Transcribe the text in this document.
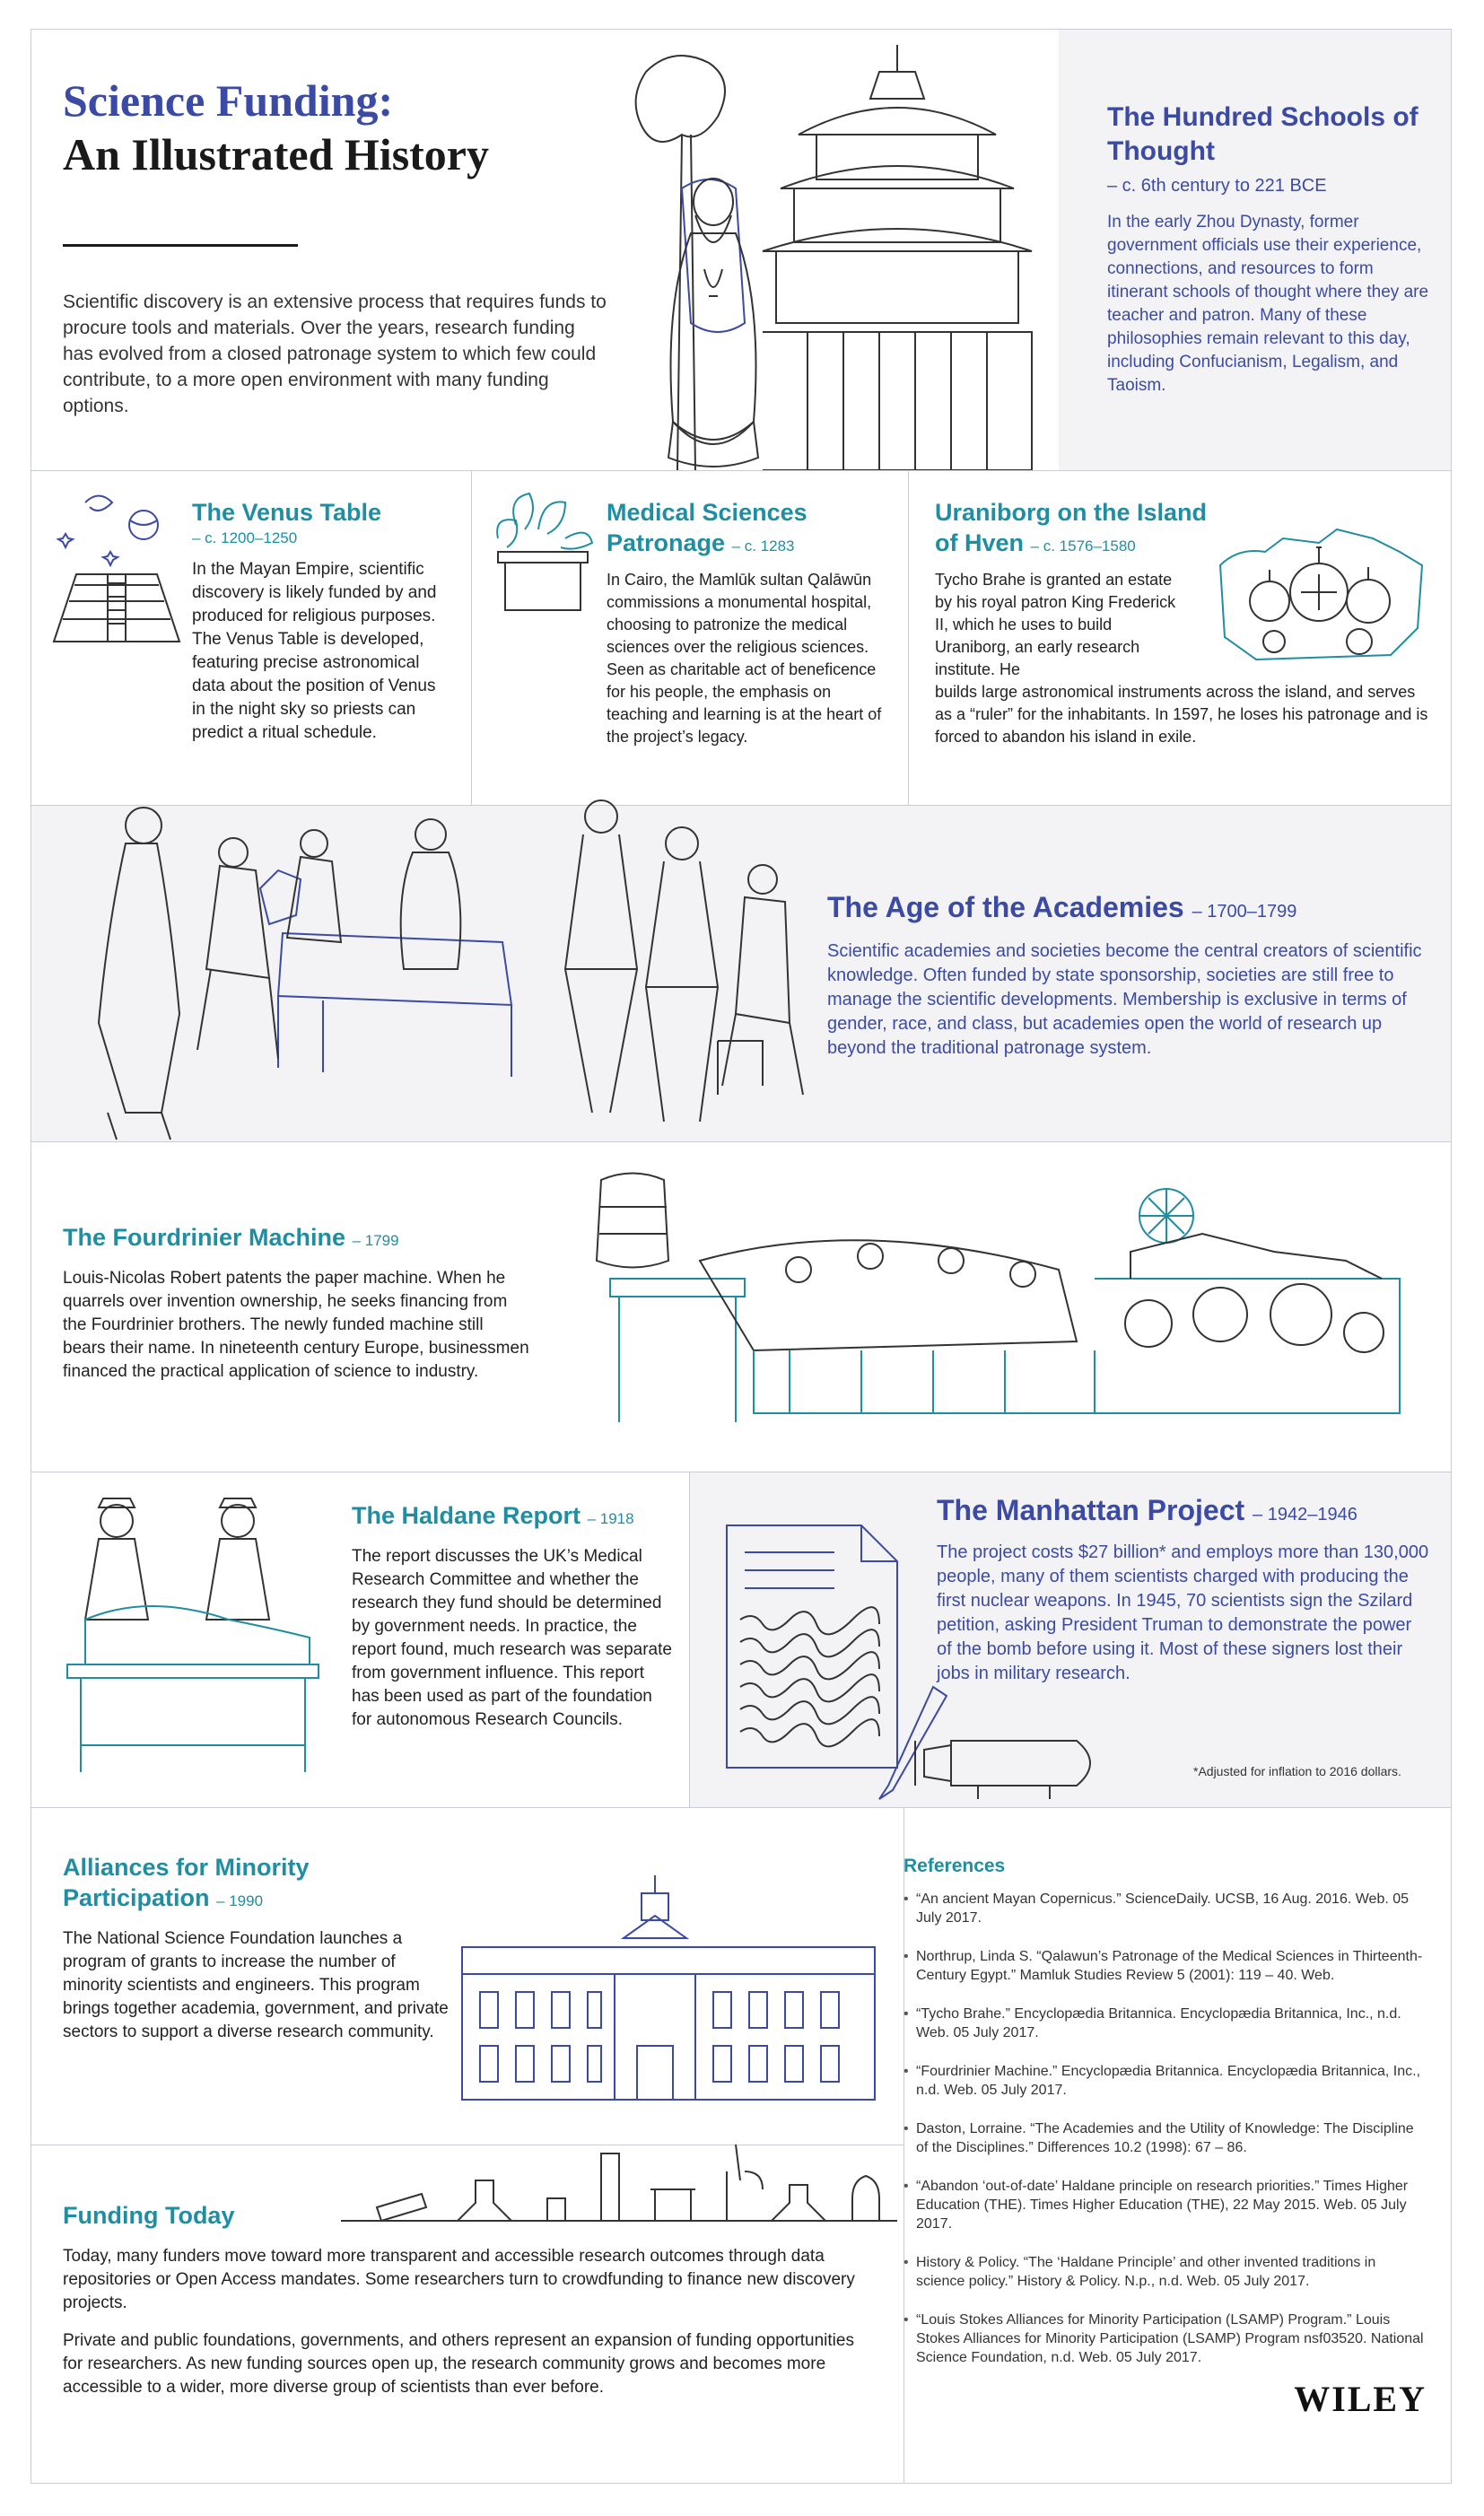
Science Funding:
An Illustrated History
Scientific discovery is an extensive process that requires funds to procure tools and materials. Over the years, research funding has evolved from a closed patronage system to which few could contribute, to a more open environment with many funding options.
The Hundred Schools of Thought
– c. 6th century to 221 BCE
In the early Zhou Dynasty, former government officials use their experience, connections, and resources to form itinerant schools of thought where they are teacher and patron. Many of these philosophies remain relevant to this day, including Confucianism, Legalism, and Taoism.
The Venus Table
– c. 1200–1250
In the Mayan Empire, scientific discovery is likely funded by and produced for religious purposes. The Venus Table is developed, featuring precise astronomical data about the position of Venus in the night sky so priests can predict a ritual schedule.
Medical Sciences
Patronage – c. 1283
In Cairo, the Mamlūk sultan Qalāwūn commissions a monumental hospital, choosing to patronize the medical sciences over the religious sciences. Seen as charitable act of beneficence for his people, the emphasis on teaching and learning is at the heart of the project’s legacy.
Uraniborg on the Island
of Hven – c. 1576–1580
Tycho Brahe is granted an estate by his royal patron King Frederick II, which he uses to build Uraniborg, an early research institute. He
builds large astronomical instruments across the island, and serves as a “ruler” for the inhabitants. In 1597, he loses his patronage and is forced to abandon his island in exile.
The Age of the Academies – 1700–1799
Scientific academies and societies become the central creators of scientific knowledge. Often funded by state sponsorship, societies are still free to manage the scientific developments. Membership is exclusive in terms of gender, race, and class, but academies open the world of research up beyond the traditional patronage system.
The Fourdrinier Machine – 1799
Louis-Nicolas Robert patents the paper machine. When he quarrels over invention ownership, he seeks financing from the Fourdrinier brothers. The newly funded machine still bears their name. In nineteenth century Europe, businessmen financed the practical application of science to industry.
The Haldane Report – 1918
The report discusses the UK’s Medical Research Committee and whether the research they fund should be determined by government needs. In practice, the report found, much research was separate from government influence. This report has been used as part of the foundation for autonomous Research Councils.
The Manhattan Project – 1942–1946
The project costs $27 billion* and employs more than 130,000 people, many of them scientists charged with producing the first nuclear weapons. In 1945, 70 scientists sign the Szilard petition, asking President Truman to demonstrate the power of the bomb before using it. Most of these signers lost their jobs in military research.
*Adjusted for inflation to 2016 dollars.
Alliances for Minority
Participation – 1990
The National Science Foundation launches a program of grants to increase the number of minority scientists and engineers. This program brings together academia, government, and private sectors to support a diverse research community.
Funding Today
Today, many funders move toward more transparent and accessible research outcomes through data repositories or Open Access mandates. Some researchers turn to crowdfunding to finance new discovery projects.
Private and public foundations, governments, and others represent an expansion of funding opportunities for researchers. As new funding sources open up, the research community grows and becomes more accessible to a wider, more diverse group of scientists than ever before.
References
• “An ancient Mayan Copernicus.” ScienceDaily. UCSB, 16 Aug. 2016. Web. 05 July 2017.
• Northrup, Linda S. “Qalawun’s Patronage of the Medical Sciences in Thirteenth-Century Egypt.” Mamluk Studies Review 5 (2001): 119 – 40. Web.
• “Tycho Brahe.” Encyclopædia Britannica. Encyclopædia Britannica, Inc., n.d. Web. 05 July 2017.
• “Fourdrinier Machine.” Encyclopædia Britannica. Encyclopædia Britannica, Inc., n.d. Web. 05 July 2017.
• Daston, Lorraine. “The Academies and the Utility of Knowledge: The Discipline of the Disciplines.” Differences 10.2 (1998): 67 – 86.
• “Abandon ‘out-of-date’ Haldane principle on research priorities.” Times Higher Education (THE). Times Higher Education (THE), 22 May 2015. Web. 05 July 2017.
• History & Policy. “The ‘Haldane Principle’ and other invented traditions in science policy.” History & Policy. N.p., n.d. Web. 05 July 2017.
• “Louis Stokes Alliances for Minority Participation (LSAMP) Program.” Louis Stokes Alliances for Minority Participation (LSAMP) Program nsf03520. National Science Foundation, n.d. Web. 05 July 2017.
WILEY
